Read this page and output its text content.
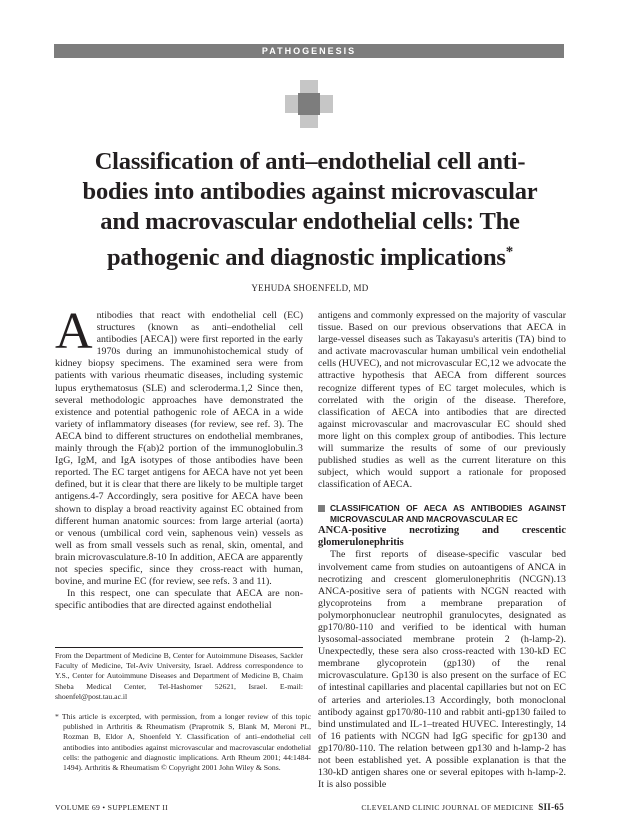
PATHOGENESIS
Classification of anti–endothelial cell anti-
bodies into antibodies against microvascular
and macrovascular endothelial cells: The
pathogenic and diagnostic implications*
YEHUDA SHOENFELD, MD

Antibodies that react with endothelial cell (EC) structures (known as anti–endothelial cell antibodies [AECA]) were first reported in the early 1970s during an immunohistochemical study of kidney biopsy specimens. The examined sera were from patients with various rheumatic diseases, including systemic lupus erythematosus (SLE) and scleroderma.1,2 Since then, several methodologic approaches have demonstrated the existence and potential pathogenic role of AECA in a wide variety of inflammatory diseases (for review, see ref. 3). The AECA bind to different structures on endothelial membranes, mainly through the F(ab)2 portion of the immunoglobulin.3 IgG, IgM, and IgA isotypes of those antibodies have been reported. The EC target antigens for AECA have not yet been defined, but it is clear that there are likely to be multiple target antigens.4-7 Accordingly, sera positive for AECA have been shown to display a broad reactivity against EC obtained from different human anatomic sources: from large arterial (aorta) or venous (umbilical cord vein, saphenous vein) vessels as well as from small vessels such as renal, skin, omental, and brain microvasculature.8-10 In addition, AECA are apparently not species specific, since they cross-react with human, bovine, and murine EC (for review, see refs. 3 and 11).

In this respect, one can speculate that AECA are non-specific antibodies that are directed against endothelial

From the Department of Medicine B, Center for Autoimmune Diseases, Sackler Faculty of Medicine, Tel-Aviv University, Israel. Address correspondence to Y.S., Center for Autoimmune Diseases and Department of Medicine B, Chaim Sheba Medical Center, Tel-Hashomer 52621, Israel. E-mail: shoenfel@post.tau.ac.il
* This article is excerpted, with permission, from a longer review of this topic published in Arthritis & Rheumatism (Praprotnik S, Blank M, Meroni PL, Rozman B, Eldor A, Shoenfeld Y. Classification of anti–endothelial cell antibodies into antibodies against microvascular and macrovascular endothelial cells: the pathogenic and diagnostic implications. Arth Rheum 2001; 44:1484-1494). Arthritis & Rheumatism © Copyright 2001 John Wiley & Sons.

antigens and commonly expressed on the majority of vascular tissue. Based on our previous observations that AECA in large-vessel diseases such as Takayasu's arteritis (TA) bind to and activate macrovascular human umbilical vein endothelial cells (HUVEC), and not microvascular EC,12 we advocate the attractive hypothesis that AECA from different sources recognize different types of EC target molecules, which is correlated with the origin of the disease. Therefore, classification of AECA into antibodies that are directed against microvascular and macrovascular EC should shed more light on this complex group of antibodies. This lecture will summarize the results of some of our previously published studies as well as the current literature on this subject, which would support a rationale for proposed classification of AECA.

CLASSIFICATION OF AECA AS ANTIBODIES AGAINST MICROVASCULAR AND MACROVASCULAR EC

ANCA-positive necrotizing and crescentic glomerulonephritis

The first reports of disease-specific vascular bed involvement came from studies on autoantigens of ANCA in necrotizing and crescent glomerulonephritis (NCGN).13 ANCA-positive sera of patients with NCGN reacted with glycoproteins from a membrane preparation of polymorphonuclear neutrophil granulocytes, designated as gp170/80-110 and verified to be identical with human lysosomal-associated membrane protein 2 (h-lamp-2). Unexpectedly, these sera also cross-reacted with 130-kD EC membrane glycoprotein (gp130) of the renal microvasculature. Gp130 is also present on the surface of EC of intestinal capillaries and placental capillaries but not on EC of arteries and arterioles.13 Accordingly, both monoclonal antibody against gp170/80-110 and rabbit anti-gp130 failed to bind unstimulated and IL-1–treated HUVEC. Interestingly, 14 of 16 patients with NCGN had IgG specific for gp130 and gp170/80-110. The relation between gp130 and h-lamp-2 has not been established yet. A possible explanation is that the 130-kD antigen shares one or several epitopes with h-lamp-2. It is also possible

VOLUME 69 • SUPPLEMENT II	CLEVELAND CLINIC JOURNAL OF MEDICINE SII-65
